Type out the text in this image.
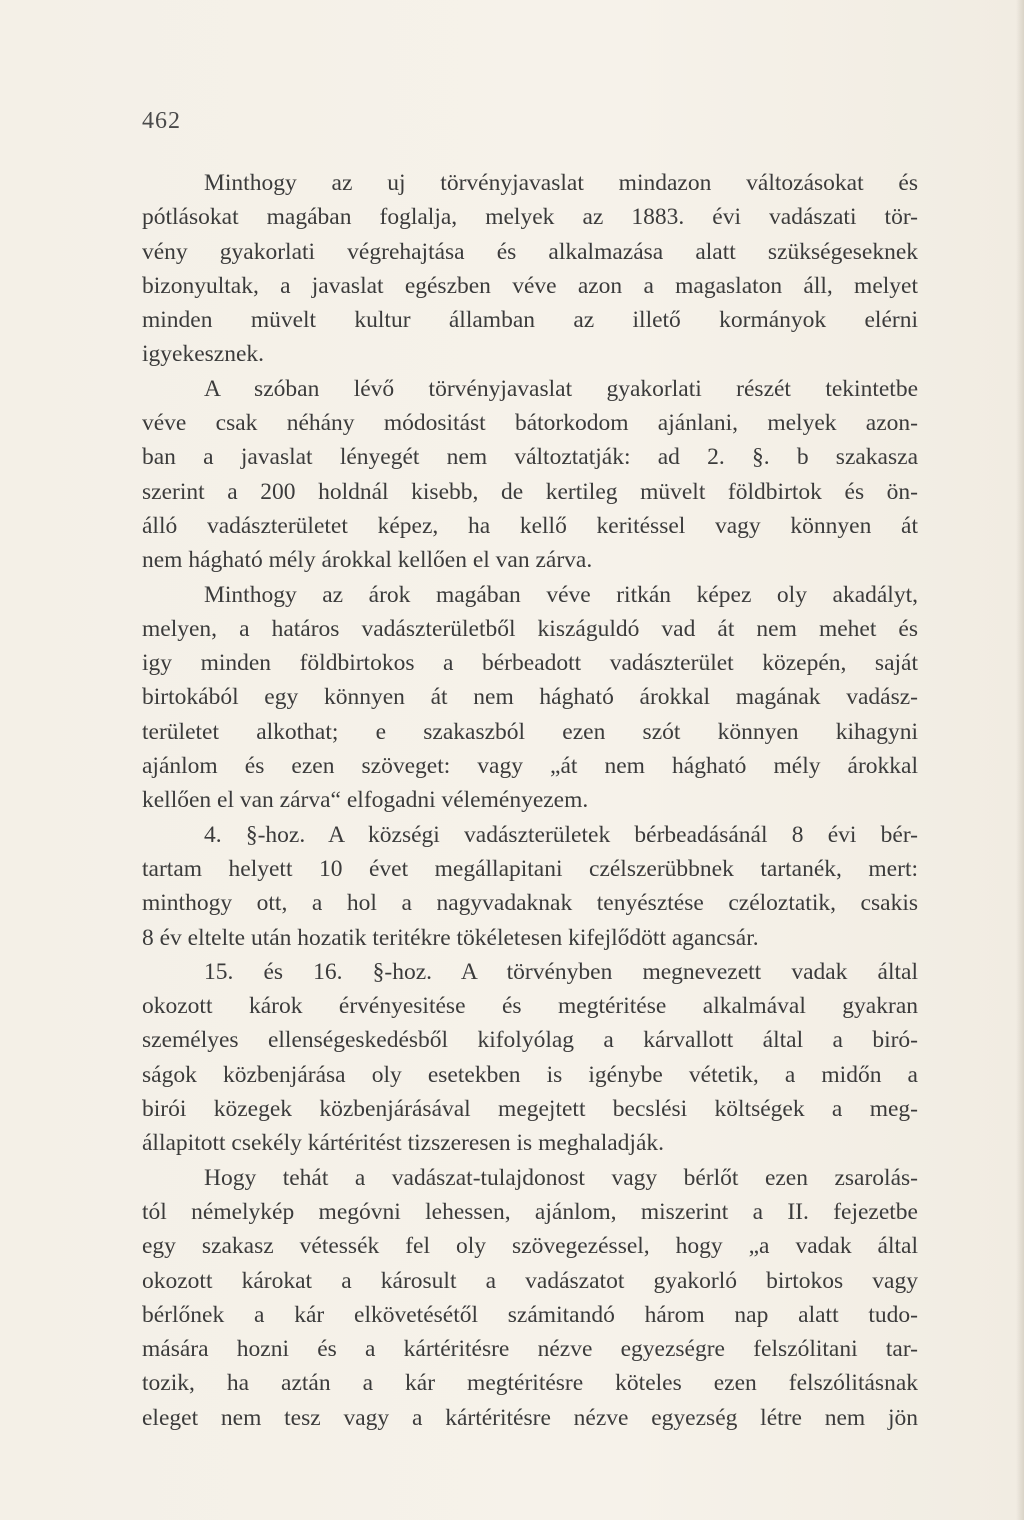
462
Minthogy az uj törvényjavaslat mindazon változásokat és
pótlásokat magában foglalja, melyek az 1883. évi vadászati tör-
vény gyakorlati végrehajtása és alkalmazása alatt szükségeseknek
bizonyultak, a javaslat egészben véve azon a magaslaton áll, melyet
minden müvelt kultur államban az illető kormányok elérni
igyekesznek.
A szóban lévő törvényjavaslat gyakorlati részét tekintetbe
véve csak néhány módositást bátorkodom ajánlani, melyek azon-
ban a javaslat lényegét nem változtatják: ad 2. §. b szakasza
szerint a 200 holdnál kisebb, de kertileg müvelt földbirtok és ön-
álló vadászterületet képez, ha kellő keritéssel vagy könnyen át
nem hágható mély árokkal kellően el van zárva.
Minthogy az árok magában véve ritkán képez oly akadályt,
melyen, a határos vadászterületből kiszáguldó vad át nem mehet és
igy minden földbirtokos a bérbeadott vadászterület közepén, saját
birtokából egy könnyen át nem hágható árokkal magának vadász-
területet alkothat; e szakaszból ezen szót könnyen kihagyni
ajánlom és ezen szöveget: vagy „át nem hágható mély árokkal
kellően el van zárva“ elfogadni véleményezem.
4. §-hoz. A községi vadászterületek bérbeadásánál 8 évi bér-
tartam helyett 10 évet megállapitani czélszerübbnek tartanék, mert:
minthogy ott, a hol a nagyvadaknak tenyésztése czéloztatik, csakis
8 év eltelte után hozatik teritékre tökéletesen kifejlődött agancsár.
15. és 16. §-hoz. A törvényben megnevezett vadak által
okozott károk érvényesitése és megtéritése alkalmával gyakran
személyes ellenségeskedésből kifolyólag a kárvallott által a biró-
ságok közbenjárása oly esetekben is igénybe vétetik, a midőn a
birói közegek közbenjárásával megejtett becslési költségek a meg-
állapitott csekély kártéritést tizszeresen is meghaladják.
Hogy tehát a vadászat-tulajdonost vagy bérlőt ezen zsarolás-
tól némelykép megóvni lehessen, ajánlom, miszerint a II. fejezetbe
egy szakasz vétessék fel oly szövegezéssel, hogy „a vadak által
okozott károkat a károsult a vadászatot gyakorló birtokos vagy
bérlőnek a kár elkövetésétől számitandó három nap alatt tudo-
mására hozni és a kártéritésre nézve egyezségre felszólitani tar-
tozik, ha aztán a kár megtéritésre köteles ezen felszólitásnak
eleget nem tesz vagy a kártéritésre nézve egyezség létre nem jön
